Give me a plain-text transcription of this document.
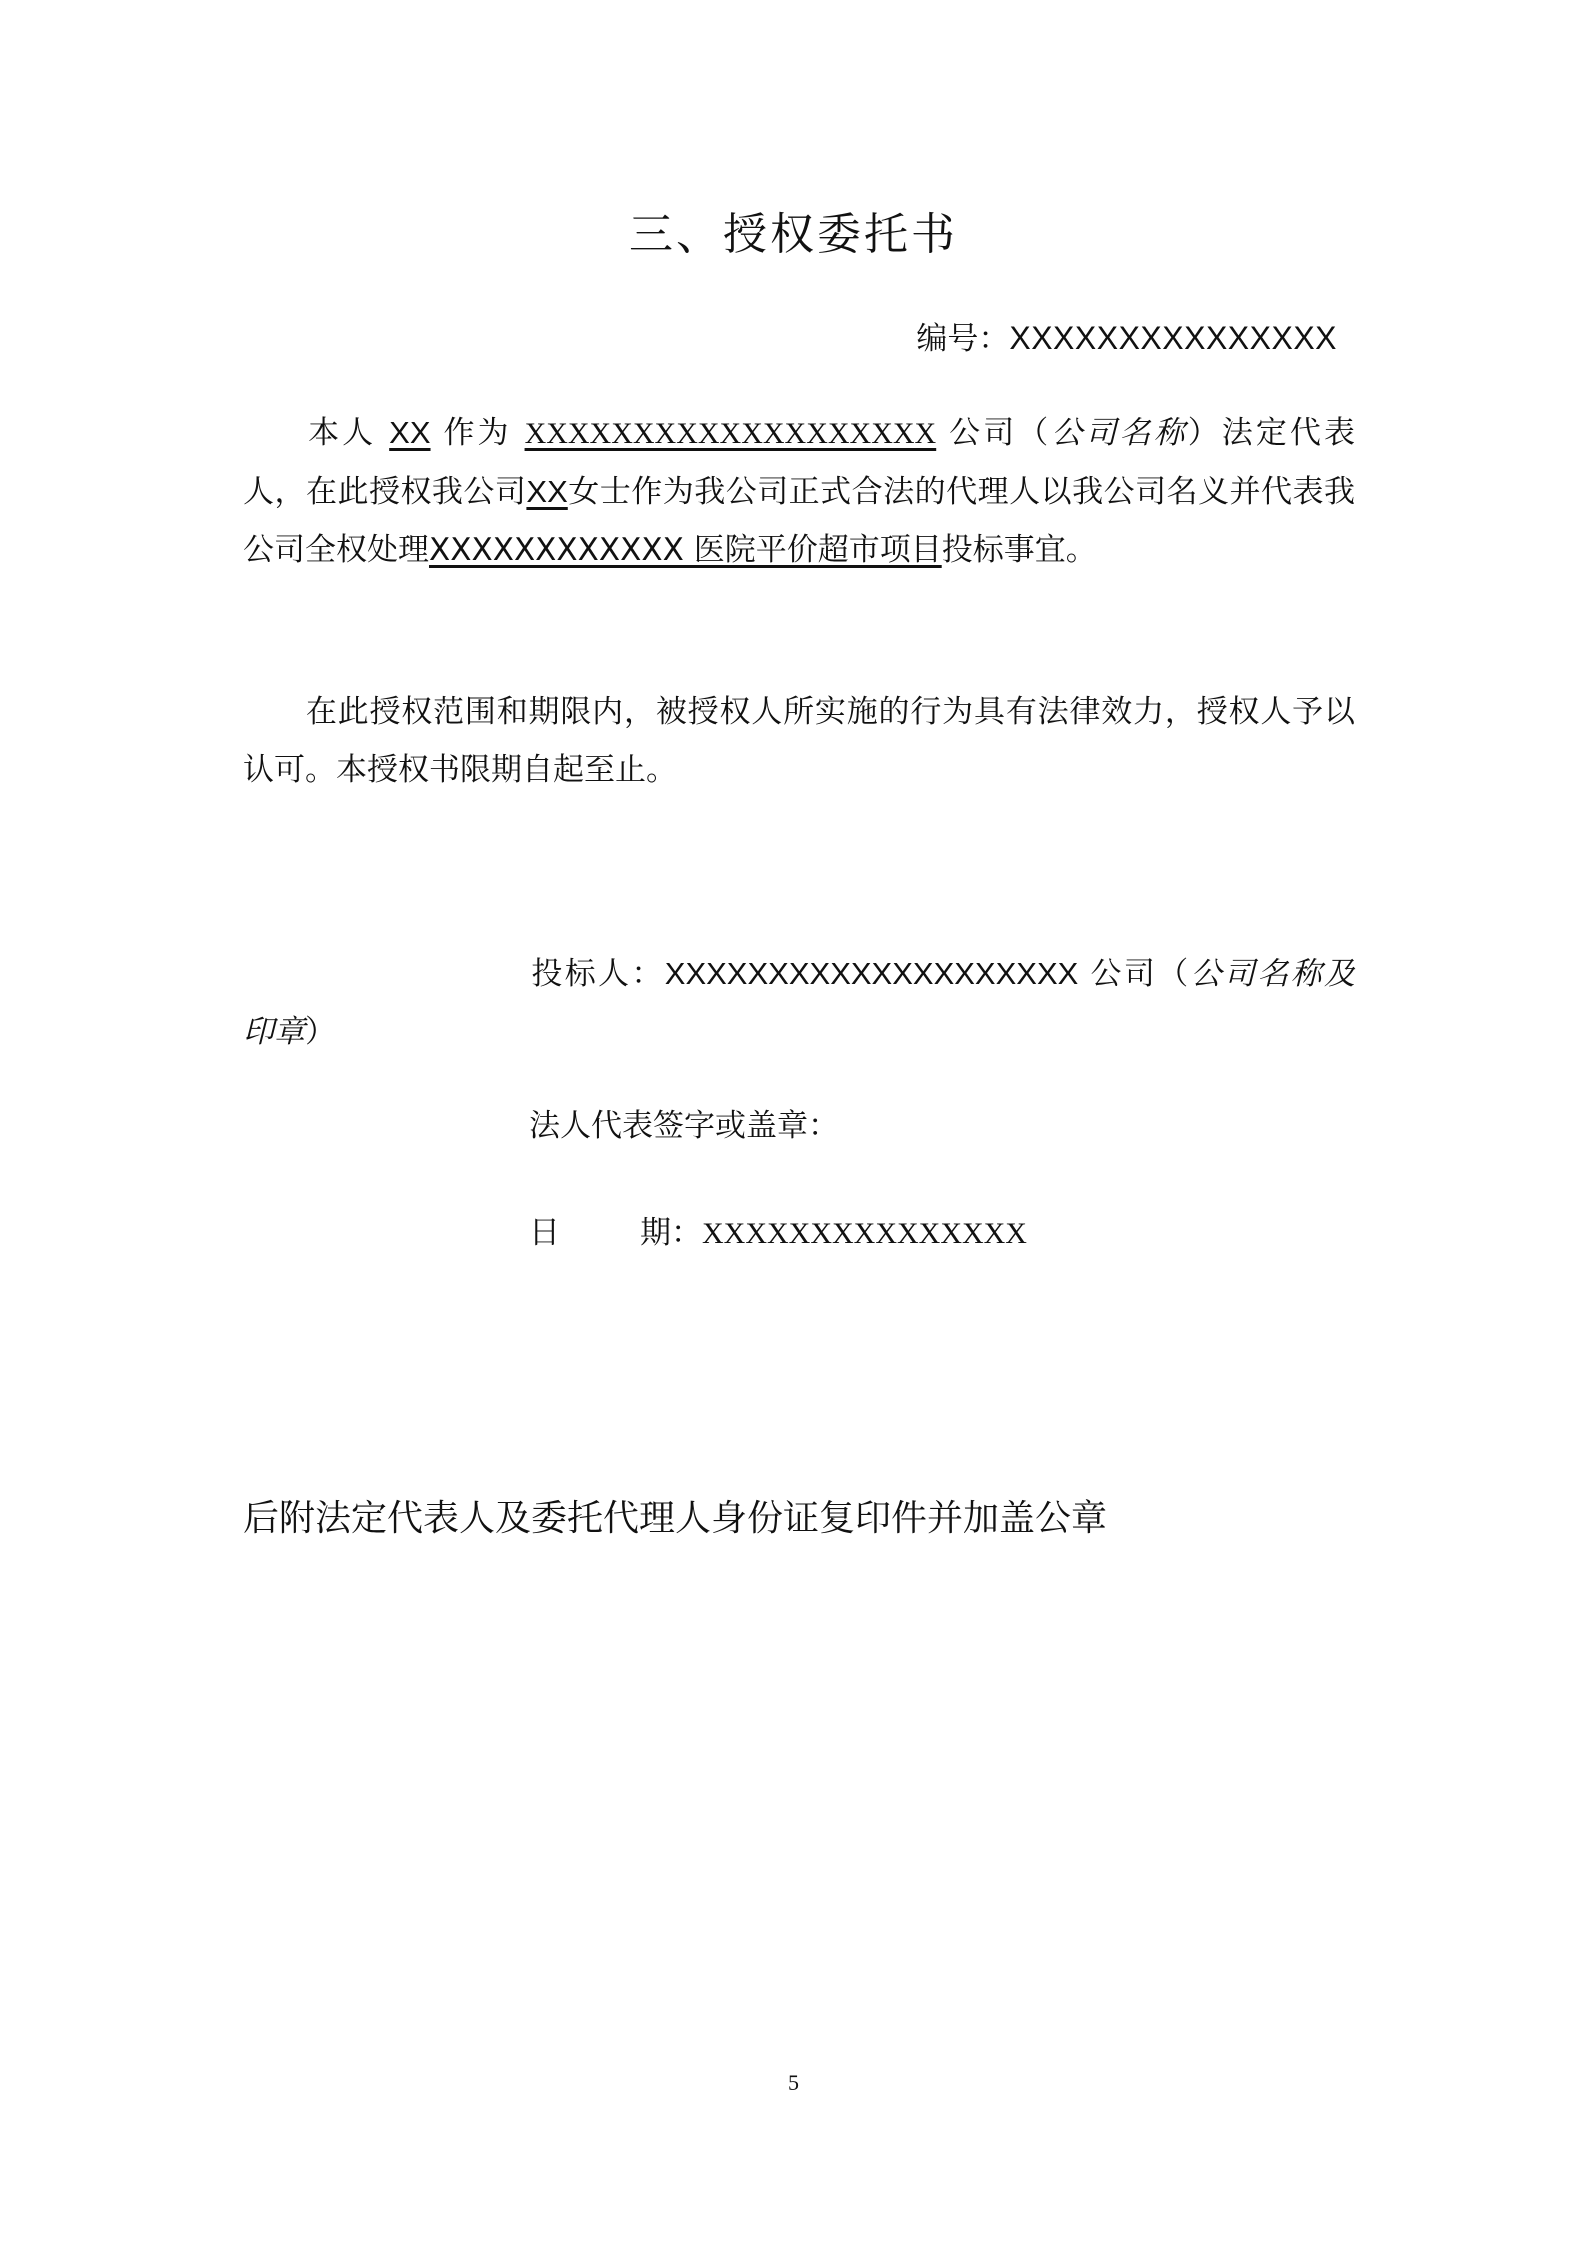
三、授权委托书
编号：XXXXXXXXXXXXXXX
本人 XX 作为 XXXXXXXXXXXXXXXXXXX 公司（公司名称）法定代表人，在此授权我公司XX女士作为我公司正式合法的代理人以我公司名义并代表我公司全权处理XXXXXXXXXXXX 医院平价超市项目投标事宜。
在此授权范围和期限内，被授权人所实施的行为具有法律效力，授权人予以认可。本授权书限期自起至止。
投标人：XXXXXXXXXXXXXXXXXXXX 公司（公司名称及印章）
法人代表签字或盖章：
日	期：XXXXXXXXXXXXXXX
后附法定代表人及委托代理人身份证复印件并加盖公章
5
